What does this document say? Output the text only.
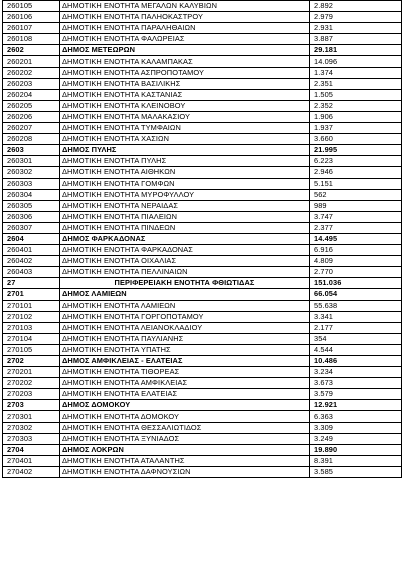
260105	ΔΗΜΟΤΙΚΗ ΕΝΟΤΗΤΑ ΜΕΓΑΛΩΝ ΚΑΛΥΒΙΩΝ	2.892
260106	ΔΗΜΟΤΙΚΗ ΕΝΟΤΗΤΑ ΠΑΛΗΟΚΑΣΤΡΟΥ	2.979
260107	ΔΗΜΟΤΙΚΗ ΕΝΟΤΗΤΑ ΠΑΡΑΛΗΘΑΙΩΝ	2.931
260108	ΔΗΜΟΤΙΚΗ ΕΝΟΤΗΤΑ ΦΑΛΩΡΕΙΑΣ	3.887
2602	ΔΗΜΟΣ ΜΕΤΕΩΡΩΝ	29.181
260201	ΔΗΜΟΤΙΚΗ ΕΝΟΤΗΤΑ ΚΑΛΑΜΠΑΚΑΣ	14.096
260202	ΔΗΜΟΤΙΚΗ ΕΝΟΤΗΤΑ ΑΣΠΡΟΠΟΤΑΜΟΥ	1.374
260203	ΔΗΜΟΤΙΚΗ ΕΝΟΤΗΤΑ ΒΑΣΙΛΙΚΗΣ	2.351
260204	ΔΗΜΟΤΙΚΗ ΕΝΟΤΗΤΑ ΚΑΣΤΑΝΙΑΣ	1.505
260205	ΔΗΜΟΤΙΚΗ ΕΝΟΤΗΤΑ ΚΛΕΙΝΟΒΟΥ	2.352
260206	ΔΗΜΟΤΙΚΗ ΕΝΟΤΗΤΑ ΜΑΛΑΚΑΣΙΟΥ	1.906
260207	ΔΗΜΟΤΙΚΗ ΕΝΟΤΗΤΑ ΤΥΜΦΑΙΩΝ	1.937
260208	ΔΗΜΟΤΙΚΗ ΕΝΟΤΗΤΑ ΧΑΣΙΩΝ	3.660
2603	ΔΗΜΟΣ ΠΥΛΗΣ	21.995
260301	ΔΗΜΟΤΙΚΗ ΕΝΟΤΗΤΑ ΠΥΛΗΣ	6.223
260302	ΔΗΜΟΤΙΚΗ ΕΝΟΤΗΤΑ ΑΙΘΗΚΩΝ	2.946
260303	ΔΗΜΟΤΙΚΗ ΕΝΟΤΗΤΑ ΓΟΜΦΩΝ	5.151
260304	ΔΗΜΟΤΙΚΗ ΕΝΟΤΗΤΑ ΜΥΡΟΦΥΛΛΟΥ	562
260305	ΔΗΜΟΤΙΚΗ ΕΝΟΤΗΤΑ ΝΕΡΑΙΔΑΣ	989
260306	ΔΗΜΟΤΙΚΗ ΕΝΟΤΗΤΑ ΠΙΑΛΕΙΩΝ	3.747
260307	ΔΗΜΟΤΙΚΗ ΕΝΟΤΗΤΑ ΠΙΝΔΕΩΝ	2.377
2604	ΔΗΜΟΣ ΦΑΡΚΑΔΟΝΑΣ	14.495
260401	ΔΗΜΟΤΙΚΗ ΕΝΟΤΗΤΑ ΦΑΡΚΑΔΟΝΑΣ	6.916
260402	ΔΗΜΟΤΙΚΗ ΕΝΟΤΗΤΑ ΟΙΧΑΛΙΑΣ	4.809
260403	ΔΗΜΟΤΙΚΗ ΕΝΟΤΗΤΑ ΠΕΛΛΙΝΑΙΩΝ	2.770
27	ΠΕΡΙΦΕΡΕΙΑΚΗ ΕΝΟΤΗΤΑ ΦΘΙΩΤΙΔΑΣ	151.036
2701	ΔΗΜΟΣ ΛΑΜΙΕΩΝ	66.054
270101	ΔΗΜΟΤΙΚΗ ΕΝΟΤΗΤΑ ΛΑΜΙΕΩΝ	55.638
270102	ΔΗΜΟΤΙΚΗ ΕΝΟΤΗΤΑ ΓΟΡΓΟΠΟΤΑΜΟΥ	3.341
270103	ΔΗΜΟΤΙΚΗ ΕΝΟΤΗΤΑ ΛΕΙΑΝΟΚΛΑΔΙΟΥ	2.177
270104	ΔΗΜΟΤΙΚΗ ΕΝΟΤΗΤΑ ΠΑΥΛΙΑΝΗΣ	354
270105	ΔΗΜΟΤΙΚΗ ΕΝΟΤΗΤΑ ΥΠΑΤΗΣ	4.544
2702	ΔΗΜΟΣ ΑΜΦΙΚΛΕΙΑΣ - ΕΛΑΤΕΙΑΣ	10.486
270201	ΔΗΜΟΤΙΚΗ ΕΝΟΤΗΤΑ ΤΙΘΟΡΕΑΣ	3.234
270202	ΔΗΜΟΤΙΚΗ ΕΝΟΤΗΤΑ ΑΜΦΙΚΛΕΙΑΣ	3.673
270203	ΔΗΜΟΤΙΚΗ ΕΝΟΤΗΤΑ ΕΛΑΤΕΙΑΣ	3.579
2703	ΔΗΜΟΣ ΔΟΜΟΚΟΥ	12.921
270301	ΔΗΜΟΤΙΚΗ ΕΝΟΤΗΤΑ ΔΟΜΟΚΟΥ	6.363
270302	ΔΗΜΟΤΙΚΗ ΕΝΟΤΗΤΑ ΘΕΣΣΑΛΙΩΤΙΔΟΣ	3.309
270303	ΔΗΜΟΤΙΚΗ ΕΝΟΤΗΤΑ ΞΥΝΙΑΔΟΣ	3.249
2704	ΔΗΜΟΣ ΛΟΚΡΩΝ	19.890
270401	ΔΗΜΟΤΙΚΗ ΕΝΟΤΗΤΑ ΑΤΑΛΑΝΤΗΣ	8.391
270402	ΔΗΜΟΤΙΚΗ ΕΝΟΤΗΤΑ ΔΑΦΝΟΥΣΙΩΝ	3.585
